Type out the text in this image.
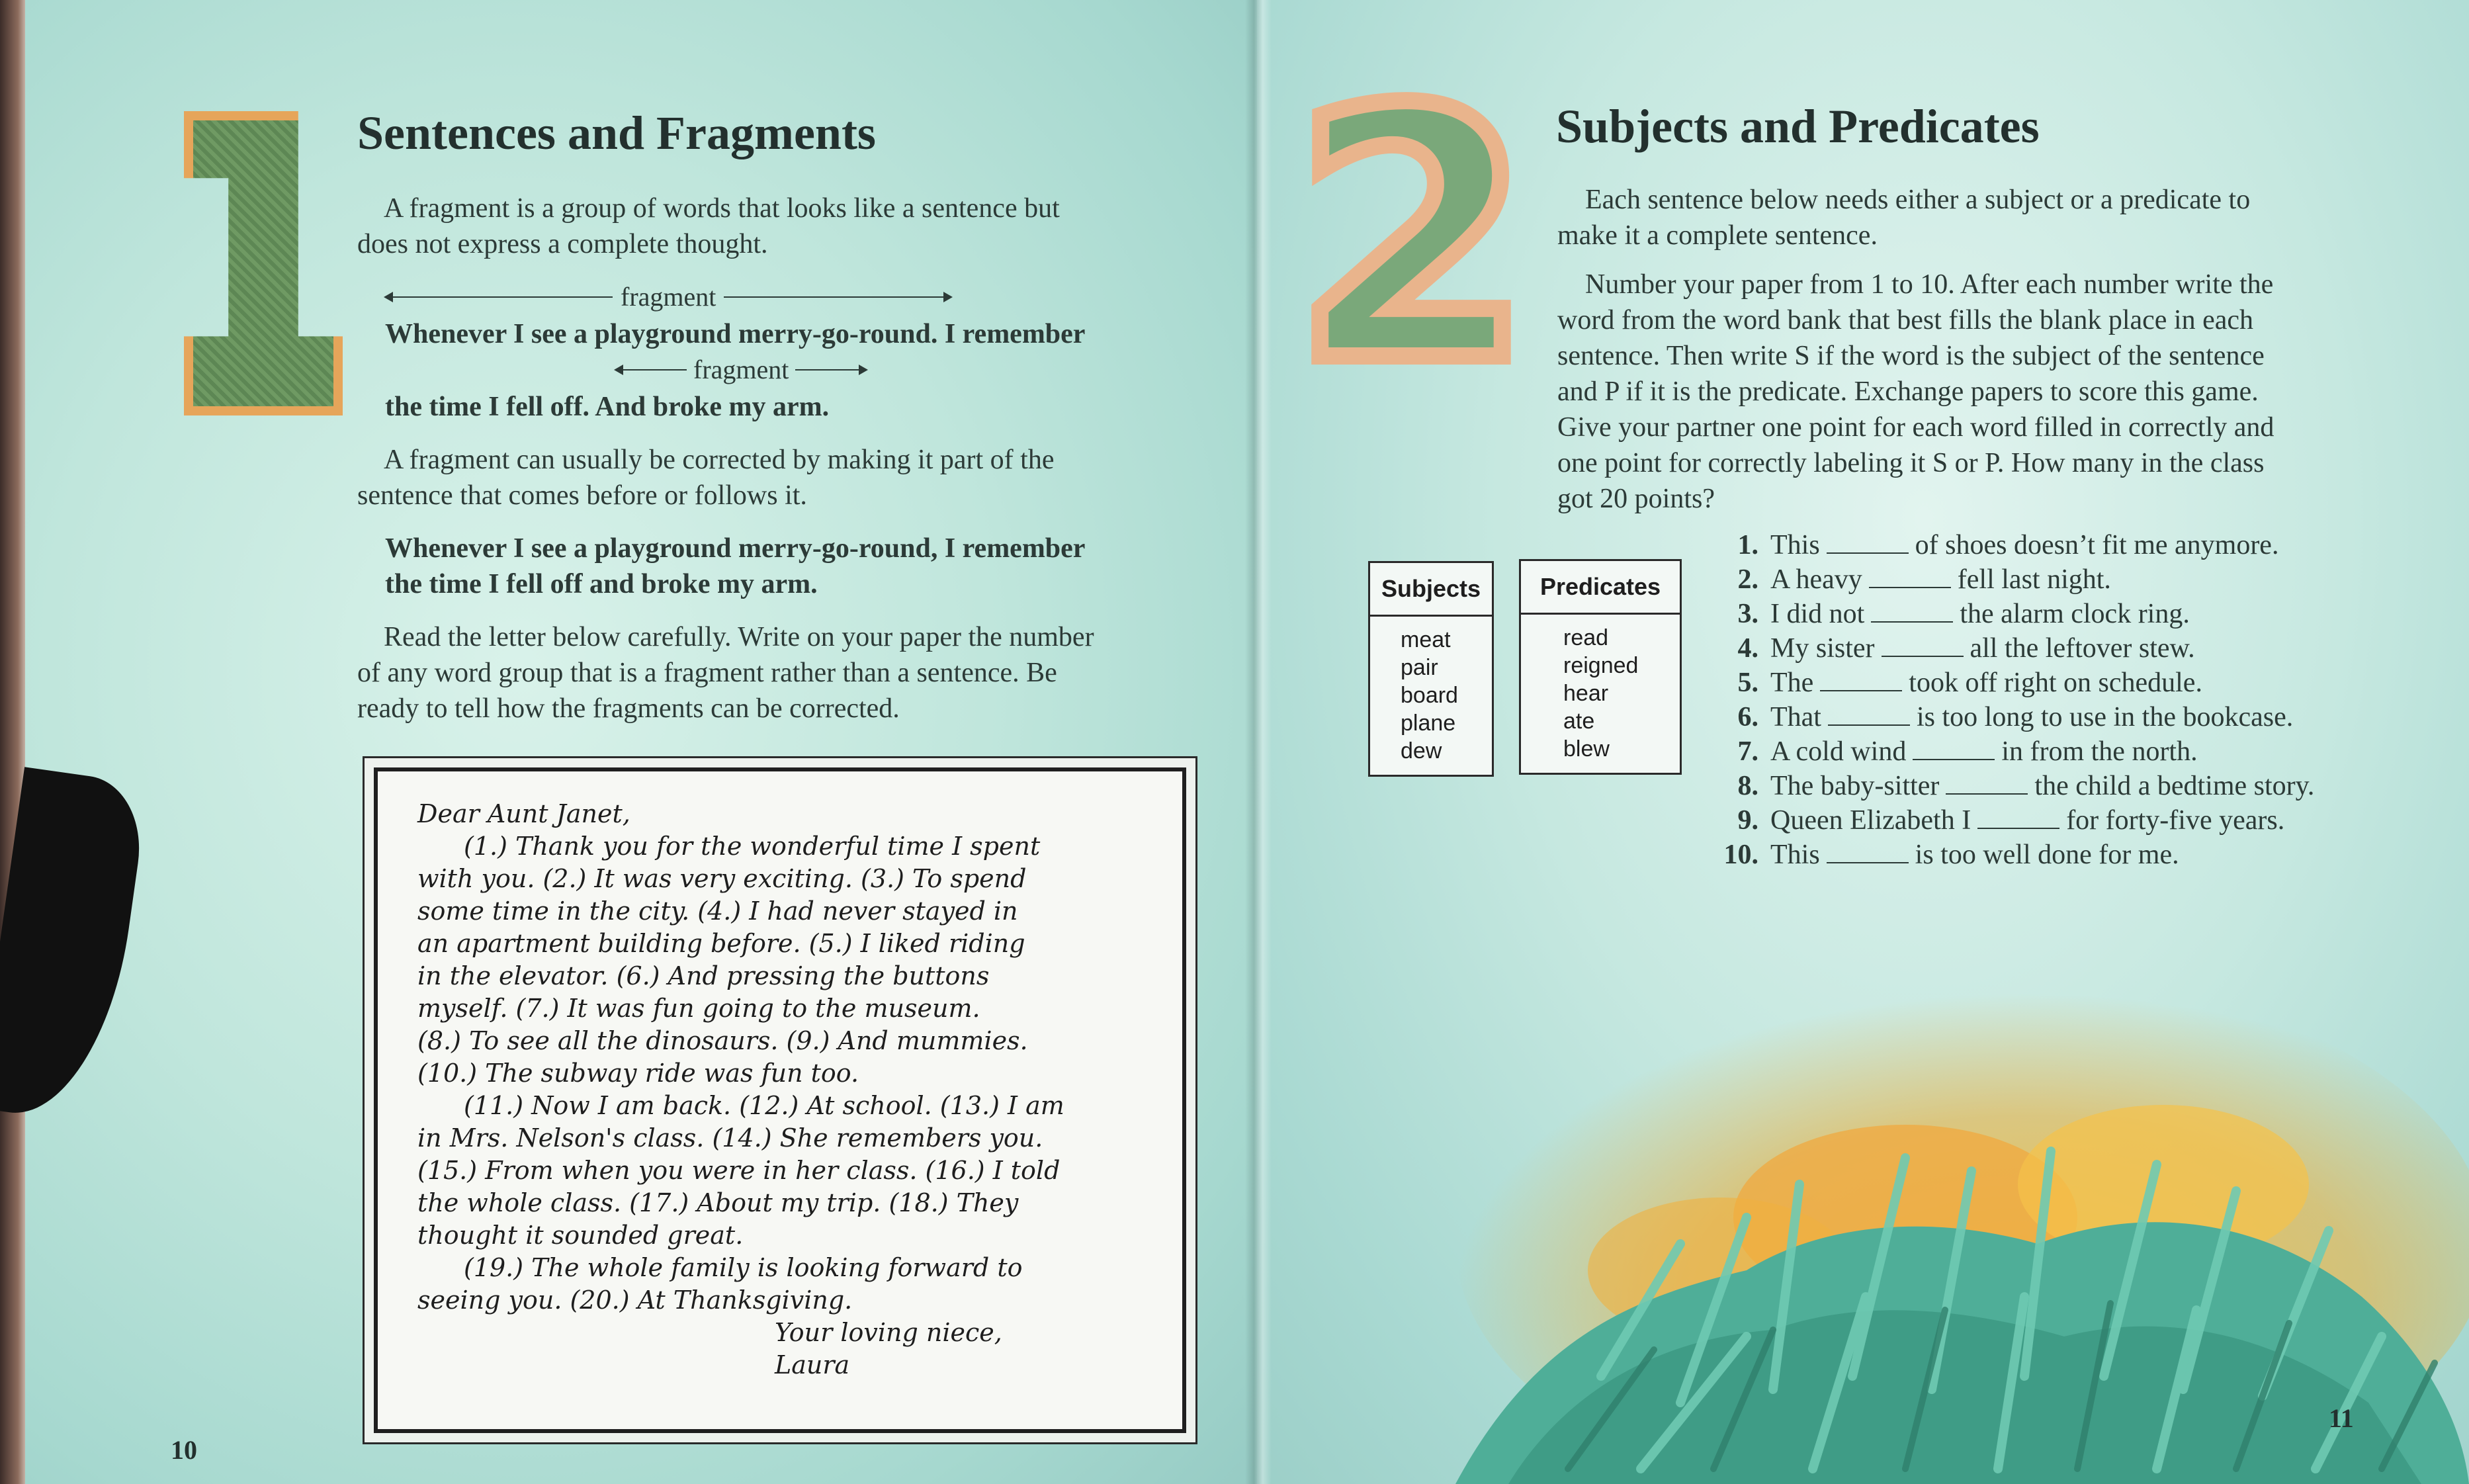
Sentences and Fragments

A fragment is a group of words that looks like a sentence but

does not express a complete thought.

fragment

Whenever I see a playground merry-go-round. I remember

fragment

the time I fell off. And broke my arm.

A fragment can usually be corrected by making it part of the

sentence that comes before or follows it.

Whenever I see a playground merry-go-round, I remember

the time I fell off and broke my arm.

Read the letter below carefully. Write on your paper the number

of any word group that is a fragment rather than a sentence. Be

ready to tell how the fragments can be corrected.

Dear Aunt Janet,
(1.) Thank you for the wonderful time I spent
with you. (2.) It was very exciting. (3.) To spend
some time in the city. (4.) I had never stayed in
an apartment building before. (5.) I liked riding
in the elevator. (6.) And pressing the buttons
myself. (7.) It was fun going to the museum.
(8.) To see all the dinosaurs. (9.) And mummies.
(10.) The subway ride was fun too.
(11.) Now I am back. (12.) At school. (13.) I am
in Mrs. Nelson's class. (14.) She remembers you.
(15.) From when you were in her class. (16.) I told
the whole class. (17.) About my trip. (18.) They
thought it sounded great.
(19.) The whole family is looking forward to
seeing you. (20.) At Thanksgiving.
Your loving niece,
Laura
10
2 Subjects and Predicates

Each sentence below needs either a subject or a predicate to

make it a complete sentence.

Number your paper from 1 to 10. After each number write the

word from the word bank that best fills the blank place in each

sentence. Then write S if the word is the subject of the sentence

and P if it is the predicate. Exchange papers to score this game.

Give your partner one point for each word filled in correctly and

one point for correctly labeling it S or P. How many in the class

got 20 points?

Subjects
meat
pair
board
plane
dew
Predicates
read
reigned
hear
ate
blew
1. This	of shoes doesn’t fit me anymore.
2. A heavy	fell last night.
3. I did not	the alarm clock ring.
4. My sister	all the leftover stew.
5. The	took off right on schedule.
6. That	is too long to use in the bookcase.
7. A cold wind	in from the north.
8. The baby-sitter	the child a bedtime story.
9. Queen Elizabeth I	for forty-five years.
10. This	is too well done for me.
11
